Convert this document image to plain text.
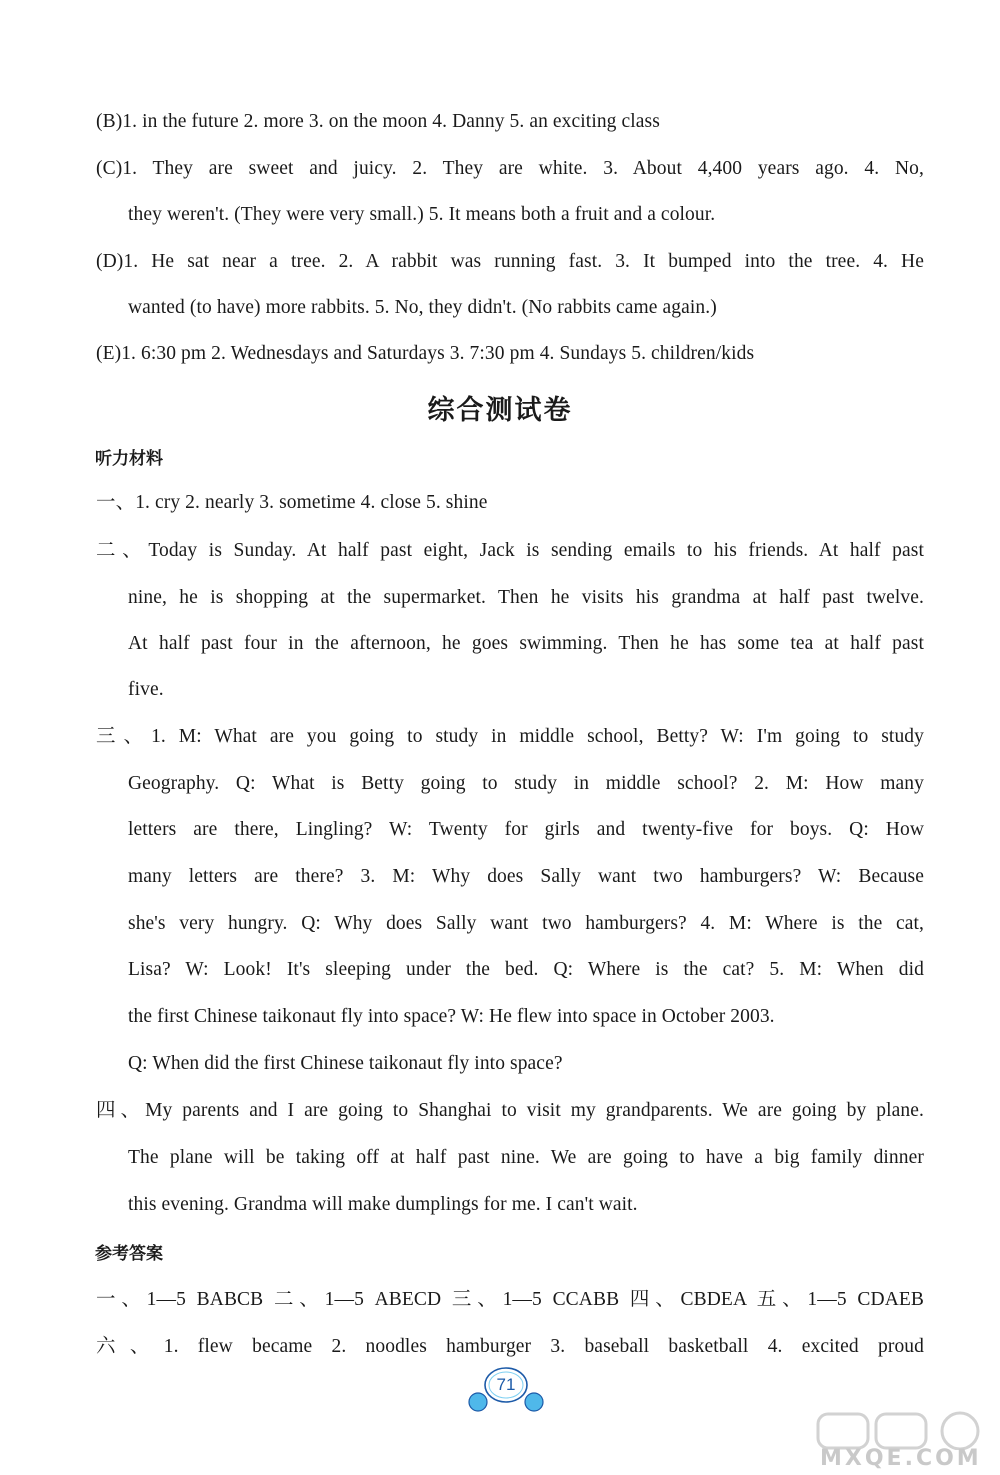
(B)1. in the future 2. more 3. on the moon 4. Danny 5. an exciting class
(C)1. They are sweet and juicy. 2. They are white. 3. About 4,400 years ago. 4. No,
they weren't. (They were very small.) 5. It means both a fruit and a colour.
(D)1. He sat near a tree. 2. A rabbit was running fast. 3. It bumped into the tree. 4. He
wanted (to have) more rabbits. 5. No, they didn't. (No rabbits came again.)
(E)1. 6:30 pm 2. Wednesdays and Saturdays 3. 7:30 pm 4. Sundays 5. children/kids
综合测试卷
听力材料
一、1. cry 2. nearly 3. sometime 4. close 5. shine
二、Today is Sunday. At half past eight, Jack is sending emails to his friends. At half past
nine, he is shopping at the supermarket. Then he visits his grandma at half past twelve.
At half past four in the afternoon, he goes swimming. Then he has some tea at half past
five.
三、1. M: What are you going to study in middle school, Betty? W: I'm going to study
Geography. Q: What is Betty going to study in middle school? 2. M: How many
letters are there, Lingling? W: Twenty for girls and twenty-five for boys. Q: How
many letters are there? 3. M: Why does Sally want two hamburgers? W: Because
she's very hungry. Q: Why does Sally want two hamburgers? 4. M: Where is the cat,
Lisa? W: Look! It's sleeping under the bed. Q: Where is the cat? 5. M: When did
the first Chinese taikonaut fly into space? W: He flew into space in October 2003.
Q: When did the first Chinese taikonaut fly into space?
四、My parents and I are going to Shanghai to visit my grandparents. We are going by plane.
The plane will be taking off at half past nine. We are going to have a big family dinner
this evening. Grandma will make dumplings for me. I can't wait.
参考答案
一、1—5 BABCB 二、1—5 ABECD 三、1—5 CCABB 四、CBDEA 五、1—5 CDAEB
六、1. flew became 2. noodles hamburger 3. baseball basketball 4. excited proud
71
MXQE.COM
